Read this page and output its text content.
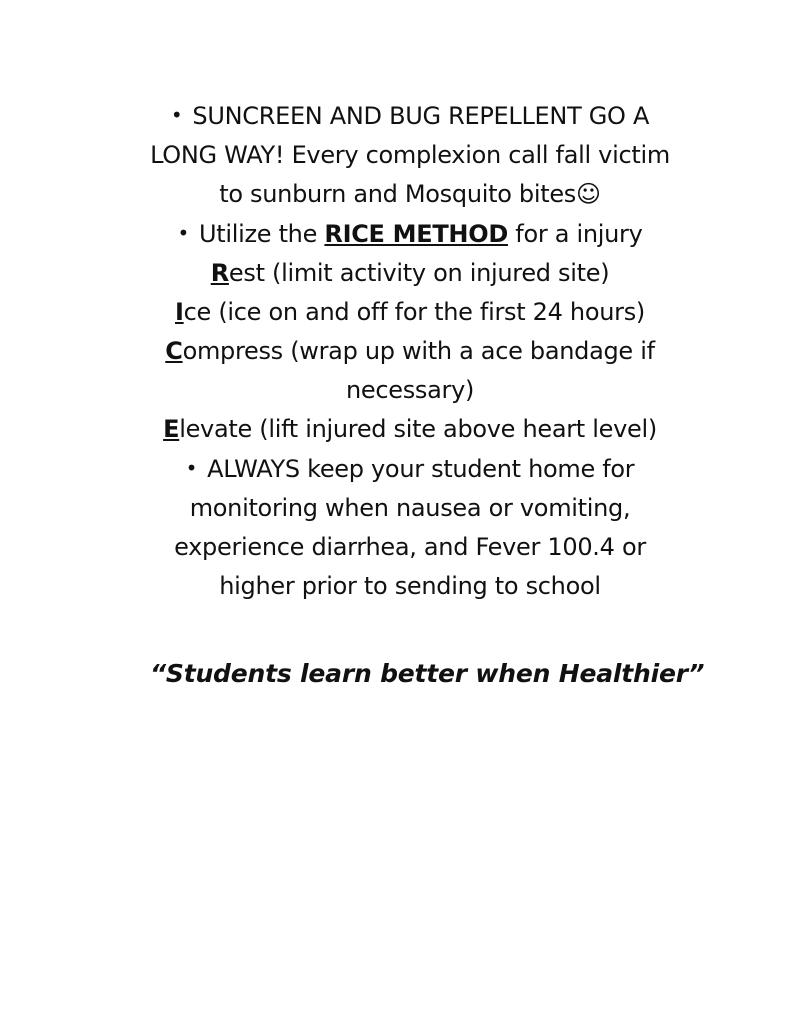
• SUNCREEN AND BUG REPELLENT GO A
LONG WAY! Every complexion call fall victim
to sunburn and Mosquito bites☺
• Utilize the RICE METHOD for a injury
Rest (limit activity on injured site)
Ice (ice on and off for the first 24 hours)
Compress (wrap up with a ace bandage if
necessary)
Elevate (lift injured site above heart level)
• ALWAYS keep your student home for
monitoring when nausea or vomiting,
experience diarrhea, and Fever 100.4 or
higher prior to sending to school
“Students learn better when Healthier”
